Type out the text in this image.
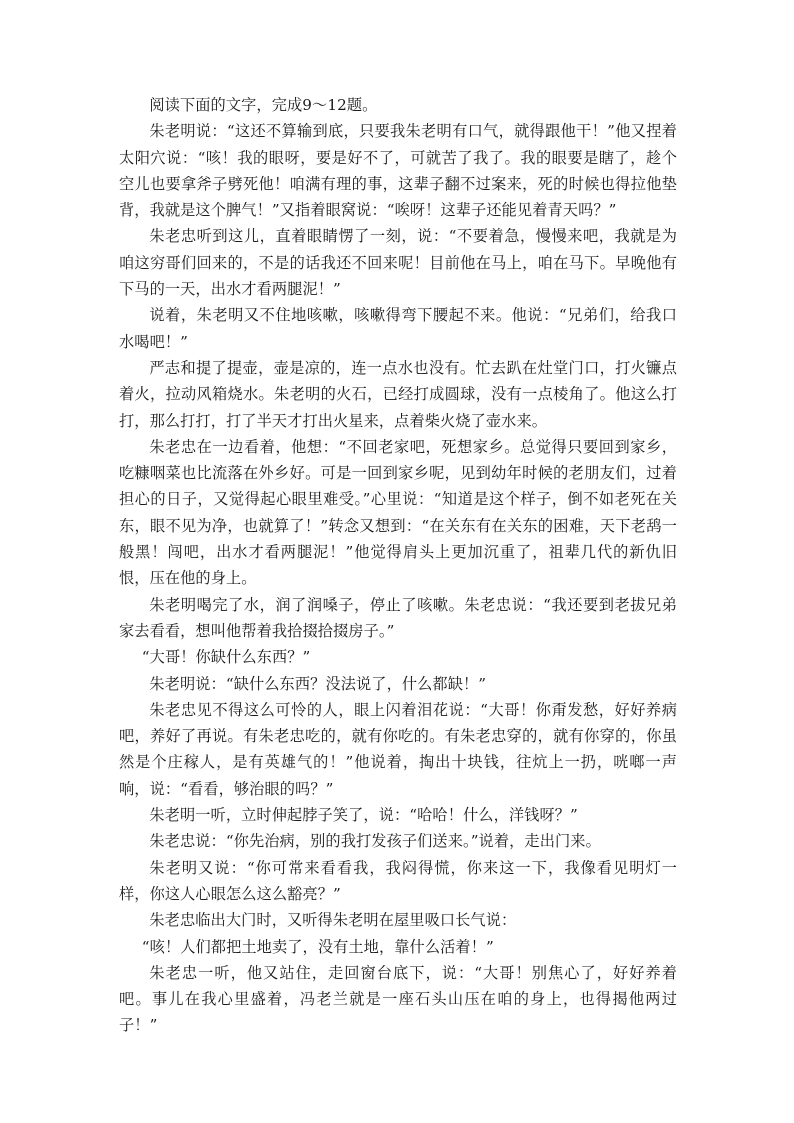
阅读下面的文字，完成9～12题。

朱老明说：“这还不算输到底，只要我朱老明有口气，就得跟他干！”他又捏着太阳穴说：“咳！我的眼呀，要是好不了，可就苦了我了。我的眼要是瞎了，趁个空儿也要拿斧子劈死他！咱满有理的事，这辈子翻不过案来，死的时候也得拉他垫背，我就是这个脾气！”又指着眼窝说：“唉呀！这辈子还能见着青天吗？”

朱老忠听到这儿，直着眼睛愣了一刻，说：“不要着急，慢慢来吧，我就是为咱这穷哥们回来的，不是的话我还不回来呢！目前他在马上，咱在马下。早晚他有下马的一天，出水才看两腿泥！”

说着，朱老明又不住地咳嗽，咳嗽得弯下腰起不来。他说：“兄弟们，给我口水喝吧！”

严志和提了提壶，壶是凉的，连一点水也没有。忙去趴在灶堂门口，打火镰点着火，拉动风箱烧水。朱老明的火石，已经打成圆球，没有一点棱角了。他这么打打，那么打打，打了半天才打出火星来，点着柴火烧了壶水来。

朱老忠在一边看着，他想：“不回老家吧，死想家乡。总觉得只要回到家乡，吃糠咽菜也比流落在外乡好。可是一回到家乡呢，见到幼年时候的老朋友们，过着担心的日子，又觉得起心眼里难受。”心里说：“知道是这个样子，倒不如老死在关东，眼不见为净，也就算了！”转念又想到：“在关东有在关东的困难，天下老鸹一般黑！闯吧，出水才看两腿泥！”他觉得肩头上更加沉重了，祖辈几代的新仇旧恨，压在他的身上。

朱老明喝完了水，润了润嗓子，停止了咳嗽。朱老忠说：“我还要到老拔兄弟家去看看，想叫他帮着我拾掇拾掇房子。”

“大哥！你缺什么东西？”

朱老明说：“缺什么东西？没法说了，什么都缺！”

朱老忠见不得这么可怜的人，眼上闪着泪花说：“大哥！你甭发愁，好好养病吧，养好了再说。有朱老忠吃的，就有你吃的。有朱老忠穿的，就有你穿的，你虽然是个庄稼人，是有英雄气的！”他说着，掏出十块钱，往炕上一扔，咣啷一声响，说：“看看，够治眼的吗？”

朱老明一听，立时伸起脖子笑了，说：“哈哈！什么，洋钱呀？”

朱老忠说：“你先治病，别的我打发孩子们送来。”说着，走出门来。

朱老明又说：“你可常来看看我，我闷得慌，你来这一下，我像看见明灯一样，你这人心眼怎么这么豁亮？”

朱老忠临出大门时，又听得朱老明在屋里吸口长气说：

“咳！人们都把土地卖了，没有土地，靠什么活着！”

朱老忠一听，他又站住，走回窗台底下，说：“大哥！别焦心了，好好养着吧。事儿在我心里盛着，冯老兰就是一座石头山压在咱的身上，也得揭他两过子！”
